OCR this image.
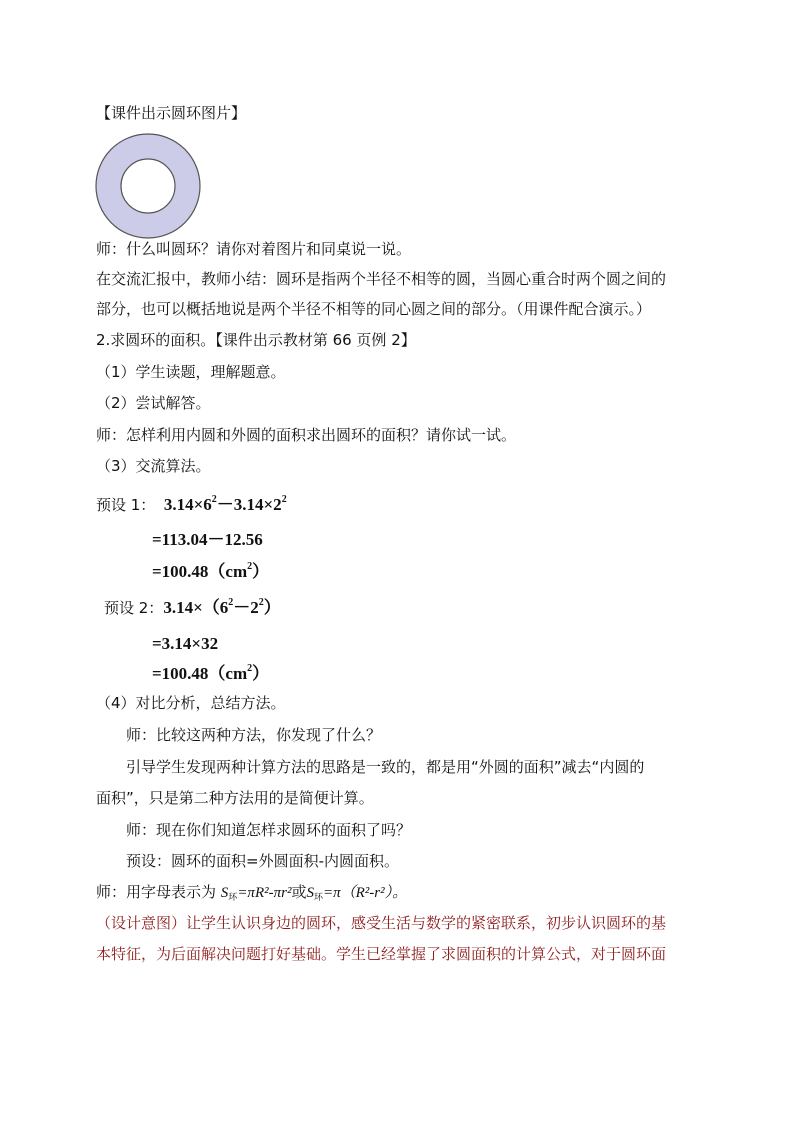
【课件出示圆环图片】
师：什么叫圆环？请你对着图片和同桌说一说。
在交流汇报中，教师小结：圆环是指两个半径不相等的圆，当圆心重合时两个圆之间的
部分，也可以概括地说是两个半径不相等的同心圆之间的部分。（用课件配合演示。）
2.求圆环的面积。【课件出示教材第 66 页例 2】
（1）学生读题，理解题意。
（2）尝试解答。
师：怎样利用内圆和外圆的面积求出圆环的面积？请你试一试。
（3）交流算法。
预设 1： $3.14\times 6^2-3.14\times 2^2$
=113.04－12.56
$=100.48(cm^2)$
预设 2：$3.14\times(6^2-2^2)$
=3.14×32
$=100.48(cm^2)$
（4）对比分析，总结方法。
师：比较这两种方法，你发现了什么？
引导学生发现两种计算方法的思路是一致的，都是用“外圆的面积”减去“内圆的
面积”，只是第二种方法用的是简便计算。
师：现在你们知道怎样求圆环的面积了吗？
预设：圆环的面积=外圆面积-内圆面积。
师：用字母表示为 $S_环=\pi R^2$-πr²或$S_环=\pi(R^2-r^2)$。
（设计意图）让学生认识身边的圆环，感受生活与数学的紧密联系，初步认识圆环的基
本特征，为后面解决问题打好基础。学生已经掌握了求圆面积的计算公式，对于圆环面
